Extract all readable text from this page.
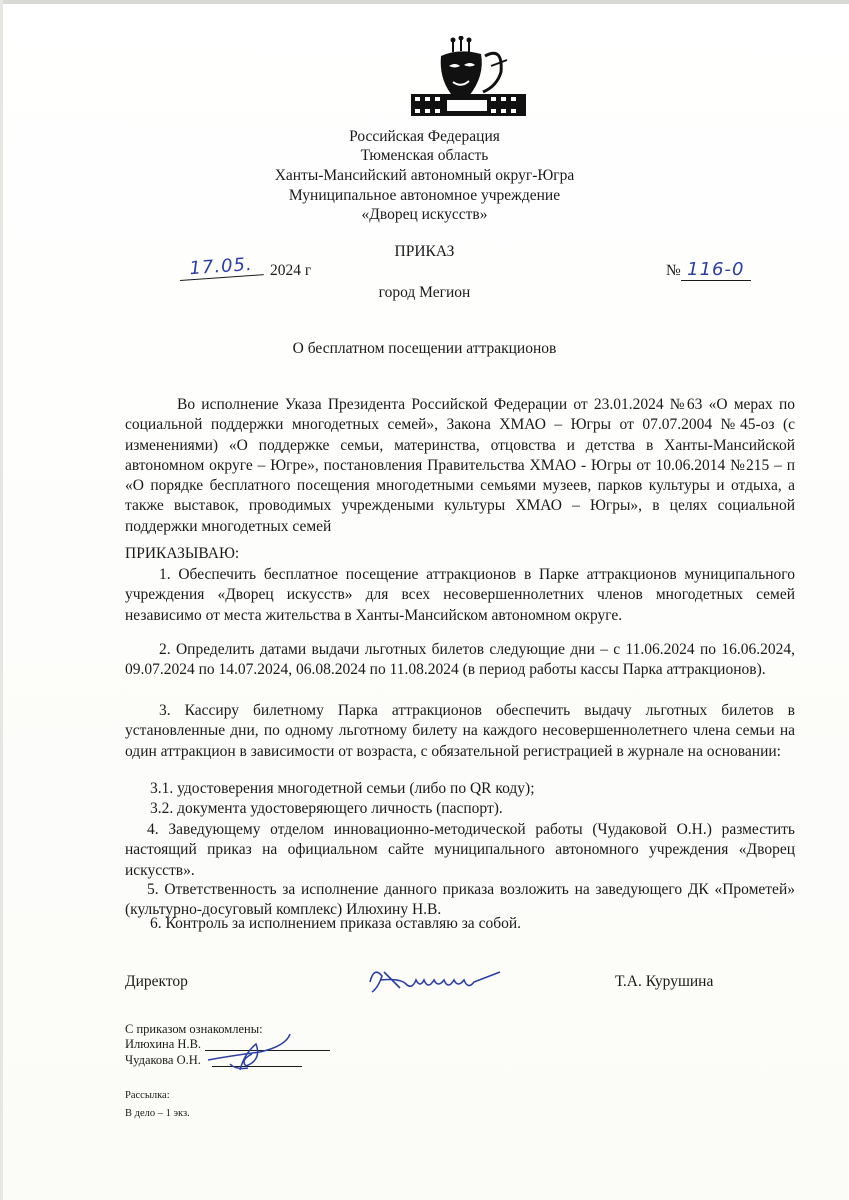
Российская Федерация
Тюменская область
Ханты-Мансийский автономный округ-Югра
Муниципальное автономное учреждение
«Дворец искусств»
ПРИКАЗ
17.05.	2024 г	№ 116-0
город Мегион
О бесплатном посещении аттракционов
Во исполнение Указа Президента Российской Федерации от 23.01.2024 №63 «О мерах по социальной поддержки многодетных семей», Закона ХМАО – Югры от 07.07.2004 №45-оз (с изменениями) «О поддержке семьи, материнства, отцовства и детства в Ханты-Мансийской автономном округе – Югре», постановления Правительства ХМАО - Югры от 10.06.2014 №215 – п «О порядке бесплатного посещения многодетными семьями музеев, парков культуры и отдыха, а также выставок, проводимых учреждеными культуры ХМАО – Югры», в целях социальной поддержки многодетных семей
ПРИКАЗЫВАЮ:
1. Обеспечить бесплатное посещение аттракционов в Парке аттракционов муниципального учреждения «Дворец искусств» для всех несовершеннолетних членов многодетных семей независимо от места жительства в Ханты-Мансийском автономном округе.
2. Определить датами выдачи льготных билетов следующие дни – с 11.06.2024 по 16.06.2024, 09.07.2024 по 14.07.2024, 06.08.2024 по 11.08.2024 (в период работы кассы Парка аттракционов).
3. Кассиру билетному Парка аттракционов обеспечить выдачу льготных билетов в установленные дни, по одному льготному билету на каждого несовершеннолетнего члена семьи на один аттракцион в зависимости от возраста, с обязательной регистрацией в журнале на основании:
3.1. удостоверения многодетной семьи (либо по QR коду);
3.2. документа удостоверяющего личность (паспорт).
4. Заведующему отделом инновационно-методической работы (Чудаковой О.Н.) разместить настоящий приказ на официальном сайте муниципального автономного учреждения «Дворец искусств».
5. Ответственность за исполнение данного приказа возложить на заведующего ДК «Прометей» (культурно-досуговый комплекс) Илюхину Н.В.
6. Контроль за исполнением приказа оставляю за собой.
Директор	Т.А. Курушина
С приказом ознакомлены:
Илюхина Н.В.
Чудакова О.Н.
Рассылка:
В дело – 1 экз.
